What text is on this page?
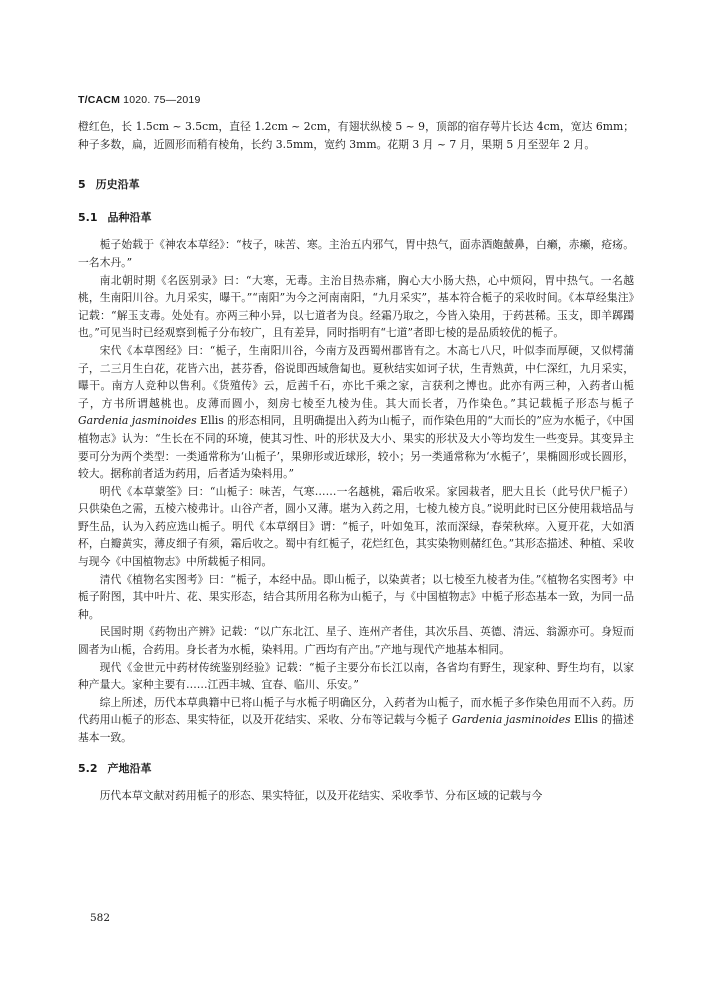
T/CACM 1020. 75—2019

橙红色，长 1.5cm ~ 3.5cm，直径 1.2cm ~ 2cm，有翅状纵棱 5 ~ 9，顶部的宿存萼片长达 4cm，宽达 6mm；种子多数，扁，近圆形而稍有棱角，长约 3.5mm，宽约 3mm。花期 3 月 ~ 7 月，果期 5 月至翌年 2 月。

5 历史沿革
5.1 品种沿革

栀子始载于《神农本草经》：“枝子，味苦、寒。主治五内邪气，胃中热气，面赤酒皰皶鼻，白癞，赤癞，疮疡。一名木丹。”

南北朝时期《名医别录》曰：“大寒，无毒。主治目热赤痛，胸心大小肠大热，心中烦闷，胃中热气。一名越桃，生南阳川谷。九月采实，曝干。”“南阳”为今之河南南阳，“九月采实”，基本符合栀子的采收时间。《本草经集注》记载：“解玉支毒。处处有。亦两三种小异，以七道者为良。经霜乃取之，今皆入染用，于药甚稀。玉支，即羊踯躅也。”可见当时已经观察到栀子分布较广，且有差异，同时指明有“七道”者即七棱的是品质较优的栀子。

宋代《本草图经》曰：“栀子，生南阳川谷，今南方及西蜀州郡皆有之。木高七八尺，叶似李而厚硬，又似樗蒲子，二三月生白花，花皆六出，甚芬香，俗说即西域詹匐也。夏秋结实如诃子状，生青熟黄，中仁深红，九月采实，曝干。南方人竞种以售利。《货殖传》云，卮茜千石，亦比千乘之家，言获利之博也。此亦有两三种，入药者山栀子，方书所谓越桃也。皮薄而圆小，刻房七棱至九棱为佳。其大而长者，乃作染色。”其记载栀子形态与栀子 Gardenia jasminoides Ellis 的形态相同，且明确提出入药为山栀子，而作染色用的“大而长的”应为水栀子，《中国植物志》认为：“生长在不同的环境，使其习性、叶的形状及大小、果实的形状及大小等均发生一些变异。其变异主要可分为两个类型：一类通常称为‘山栀子’，果卵形或近球形，较小；另一类通常称为‘水栀子’，果椭圆形或长圆形，较大。据称前者适为药用，后者适为染料用。”

明代《本草蒙筌》曰：“山栀子：味苦，气寒……一名越桃，霜后收采。家园栽者，肥大且长（此号伏尸栀子）只供染色之需，五棱六棱弗计。山谷产者，圆小又薄。堪为入药之用，七棱九棱方良。”说明此时已区分使用栽培品与野生品，认为入药应选山栀子。明代《本草纲目》谓：“栀子，叶如兔耳，浓而深绿，春荣秋瘁。入夏开花，大如酒杯，白瓣黄实，薄皮细子有须，霜后收之。蜀中有红栀子，花烂红色，其实染物则赭红色。”其形态描述、种植、采收与现今《中国植物志》中所载栀子相同。

清代《植物名实图考》曰：“栀子，本经中品。即山栀子，以染黄者；以七棱至九棱者为佳。”《植物名实图考》中栀子附图，其中叶片、花、果实形态，结合其所用名称为山栀子，与《中国植物志》中栀子形态基本一致，为同一品种。

民国时期《药物出产辨》记载：“以广东北江、星子、连州产者佳，其次乐昌、英德、清远、翁源亦可。身短而圆者为山栀，合药用。身长者为水栀，染料用。广西均有产出。”产地与现代产地基本相同。

现代《金世元中药材传统鉴别经验》记载：“栀子主要分布长江以南，各省均有野生，现家种、野生均有，以家种产量大。家种主要有……江西丰城、宜春、临川、乐安。”

综上所述，历代本草典籍中已将山栀子与水栀子明确区分，入药者为山栀子，而水栀子多作染色用而不入药。历代药用山栀子的形态、果实特征，以及开花结实、采收、分布等记载与今栀子 Gardenia jasminoides Ellis 的描述基本一致。

5.2 产地沿革

历代本草文献对药用栀子的形态、果实特征，以及开花结实、采收季节、分布区域的记载与今

582
